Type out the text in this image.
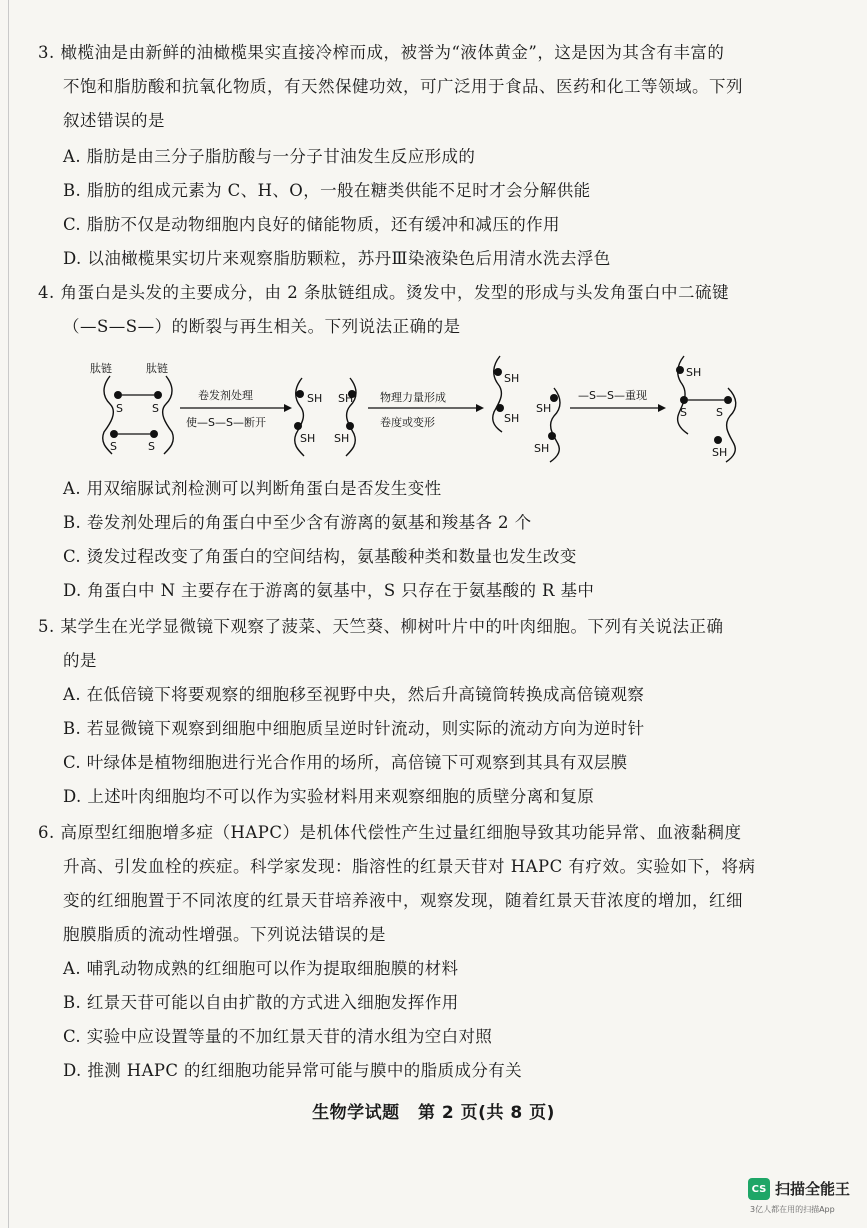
3. 橄榄油是由新鲜的油橄榄果实直接冷榨而成，被誉为“液体黄金”，这是因为其含有丰富的
不饱和脂肪酸和抗氧化物质，有天然保健功效，可广泛用于食品、医药和化工等领域。下列
叙述错误的是
A. 脂肪是由三分子脂肪酸与一分子甘油发生反应形成的
B. 脂肪的组成元素为 C、H、O，一般在糖类供能不足时才会分解供能
C. 脂肪不仅是动物细胞内良好的储能物质，还有缓冲和减压的作用
D. 以油橄榄果实切片来观察脂肪颗粒，苏丹Ⅲ染液染色后用清水洗去浮色
4. 角蛋白是头发的主要成分，由 2 条肽链组成。烫发中，发型的形成与头发角蛋白中二硫键
（—S—S—）的断裂与再生相关。下列说法正确的是
肽链	肽链
S	S
S	S
卷发剂处理
使—S—S—断开
SH SH
SH SH
物理力量形成
卷度或变形
SH
SH
SH
SH
—S—S—重现
SH
S	S
SH
A. 用双缩脲试剂检测可以判断角蛋白是否发生变性
B. 卷发剂处理后的角蛋白中至少含有游离的氨基和羧基各 2 个
C. 烫发过程改变了角蛋白的空间结构，氨基酸种类和数量也发生改变
D. 角蛋白中 N 主要存在于游离的氨基中，S 只存在于氨基酸的 R 基中
5. 某学生在光学显微镜下观察了菠菜、天竺葵、柳树叶片中的叶肉细胞。下列有关说法正确
的是
A. 在低倍镜下将要观察的细胞移至视野中央，然后升高镜筒转换成高倍镜观察
B. 若显微镜下观察到细胞中细胞质呈逆时针流动，则实际的流动方向为逆时针
C. 叶绿体是植物细胞进行光合作用的场所，高倍镜下可观察到其具有双层膜
D. 上述叶肉细胞均不可以作为实验材料用来观察细胞的质壁分离和复原
6. 高原型红细胞增多症（HAPC）是机体代偿性产生过量红细胞导致其功能异常、血液黏稠度
升高、引发血栓的疾症。科学家发现：脂溶性的红景天苷对 HAPC 有疗效。实验如下，将病
变的红细胞置于不同浓度的红景天苷培养液中，观察发现，随着红景天苷浓度的增加，红细
胞膜脂质的流动性增强。下列说法错误的是
A. 哺乳动物成熟的红细胞可以作为提取细胞膜的材料
B. 红景天苷可能以自由扩散的方式进入细胞发挥作用
C. 实验中应设置等量的不加红景天苷的清水组为空白对照
D. 推测 HAPC 的红细胞功能异常可能与膜中的脂质成分有关
生物学试题 第 2 页(共 8 页)
CS 扫描全能王
3亿人都在用的扫描App
